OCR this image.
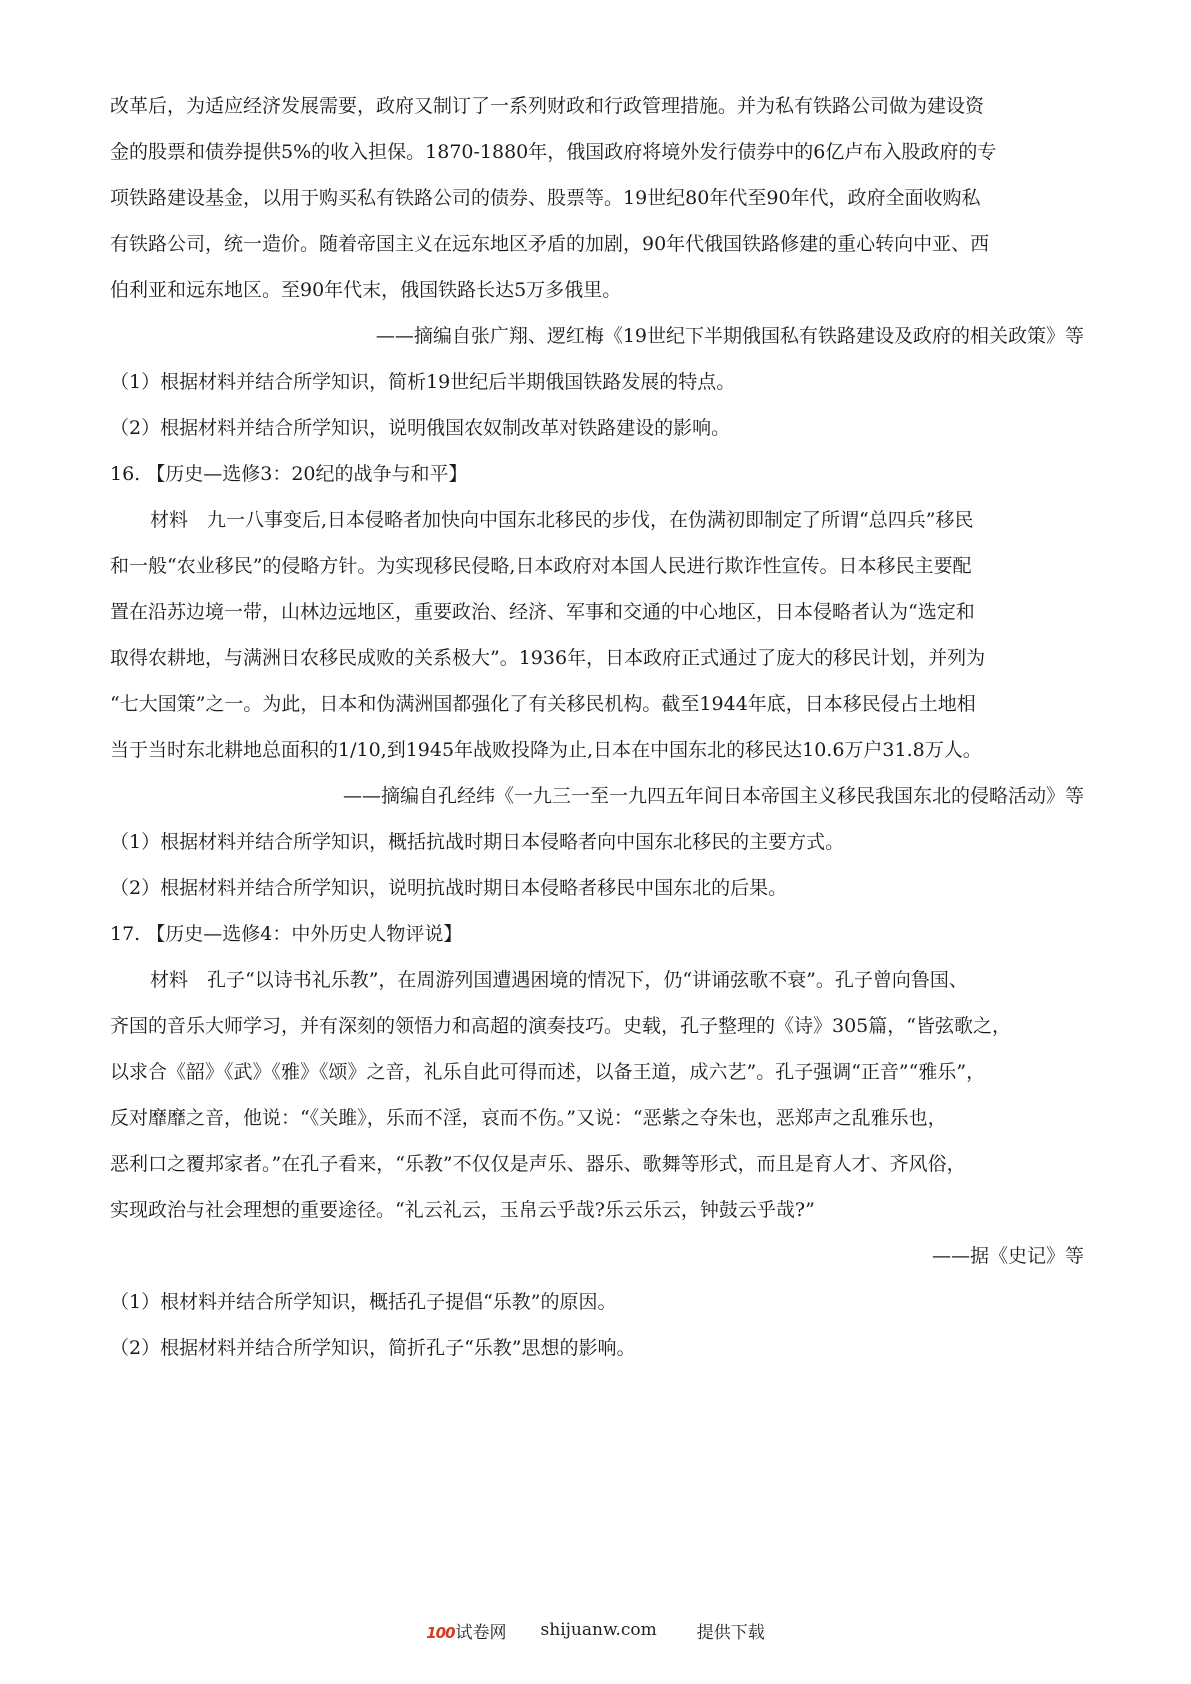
改革后，为适应经济发展需要，政府又制订了一系列财政和行政管理措施。并为私有铁路公司做为建设资
金的股票和债券提供5%的收入担保。1870-1880年，俄国政府将境外发行债券中的6亿卢布入股政府的专
项铁路建设基金，以用于购买私有铁路公司的债券、股票等。19世纪80年代至90年代，政府全面收购私
有铁路公司，统一造价。随着帝国主义在远东地区矛盾的加剧，90年代俄国铁路修建的重心转向中亚、西
伯利亚和远东地区。至90年代末，俄国铁路长达5万多俄里。
——摘编自张广翔、逻红梅《19世纪下半期俄国私有铁路建设及政府的相关政策》等
（1）根据材料并结合所学知识，简析19世纪后半期俄国铁路发展的特点。
（2）根据材料并结合所学知识，说明俄国农奴制改革对铁路建设的影响。
16. 【历史—选修3：20纪的战争与和平】
材料　九一八事变后,日本侵略者加快向中国东北移民的步伐，在伪满初即制定了所谓“总四兵”移民
和一般“农业移民”的侵略方针。为实现移民侵略,日本政府对本国人民进行欺诈性宣传。日本移民主要配
置在沿苏边境一带，山林边远地区，重要政治、经济、军事和交通的中心地区，日本侵略者认为“选定和
取得农耕地，与满洲日农移民成败的关系极大”。1936年，日本政府正式通过了庞大的移民计划，并列为
“七大国策”之一。为此，日本和伪满洲国都强化了有关移民机构。截至1944年底，日本移民侵占土地相
当于当时东北耕地总面积的1/10,到1945年战败投降为止,日本在中国东北的移民达10.6万户31.8万人。
——摘编自孔经纬《一九三一至一九四五年间日本帝国主义移民我国东北的侵略活动》等
（1）根据材料并结合所学知识，概括抗战时期日本侵略者向中国东北移民的主要方式。
（2）根据材料并结合所学知识，说明抗战时期日本侵略者移民中国东北的后果。
17. 【历史—选修4：中外历史人物评说】
材料　孔子“以诗书礼乐教”，在周游列国遭遇困境的情况下，仍“讲诵弦歌不衰”。孔子曾向鲁国、
齐国的音乐大师学习，并有深刻的领悟力和高超的演奏技巧。史载，孔子整理的《诗》305篇，“皆弦歌之，
以求合《韶》《武》《雅》《颂》之音，礼乐自此可得而述，以备王道，成六艺”。孔子强调“正音”“雅乐”，
反对靡靡之音，他说：“《关雎》，乐而不淫，哀而不伤。”又说：“恶紫之夺朱也，恶郑声之乱雅乐也，
恶利口之覆邦家者。”在孔子看来，“乐教”不仅仅是声乐、器乐、歌舞等形式，而且是育人才、齐风俗，
实现政治与社会理想的重要途径。“礼云礼云，玉帛云乎哉?乐云乐云，钟鼓云乎哉?”
——据《史记》等
（1）根材料并结合所学知识，概括孔子提倡“乐教”的原因。
（2）根据材料并结合所学知识，简折孔子“乐教”思想的影响。
100 试卷网 shijuanw.com 提供下载
